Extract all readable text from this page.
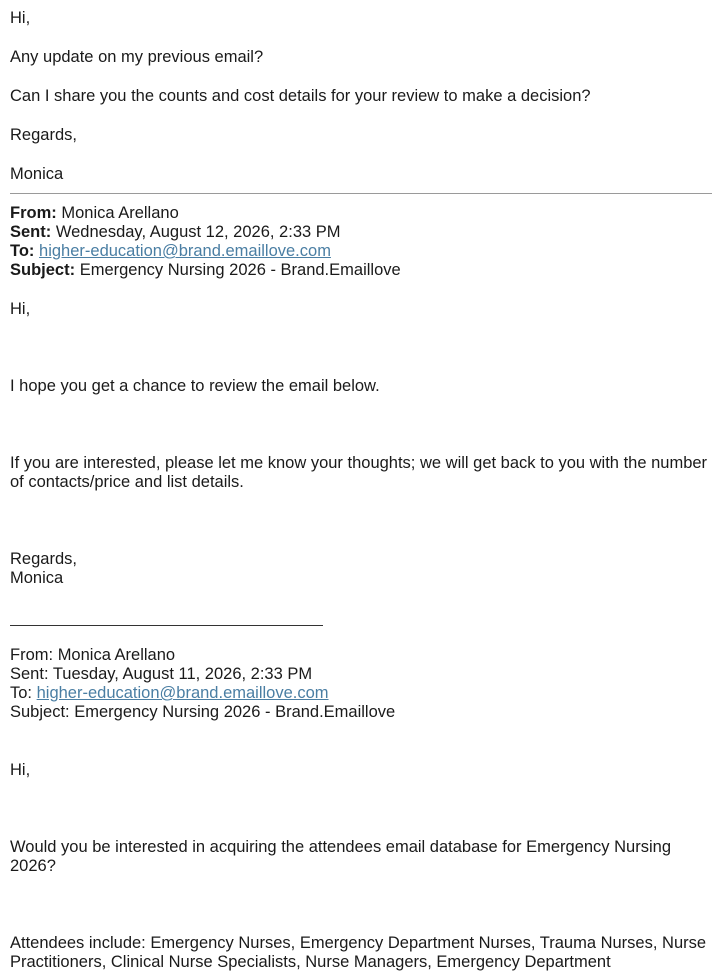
Hi,

Any update on my previous email?

Can I share you the counts and cost details for your review to make a decision?

Regards,

Monica

From: Monica Arellano

Sent: Wednesday, August 12, 2026, 2:33 PM

To: higher-education@brand.emaillove.com

Subject: Emergency Nursing 2026 - Brand.Emaillove

Hi,

I hope you get a chance to review the email below.

If you are interested, please let me know your thoughts; we will get back to you with the number of contacts/price and list details.

Regards,

Monica

From: Monica Arellano

Sent: Tuesday, August 11, 2026, 2:33 PM

To: higher-education@brand.emaillove.com

Subject: Emergency Nursing 2026 - Brand.Emaillove

Hi,

Would you be interested in acquiring the attendees email database for Emergency Nursing 2026?

Attendees include: Emergency Nurses, Emergency Department Nurses, Trauma Nurses, Nurse Practitioners, Clinical Nurse Specialists, Nurse Managers, Emergency Department
